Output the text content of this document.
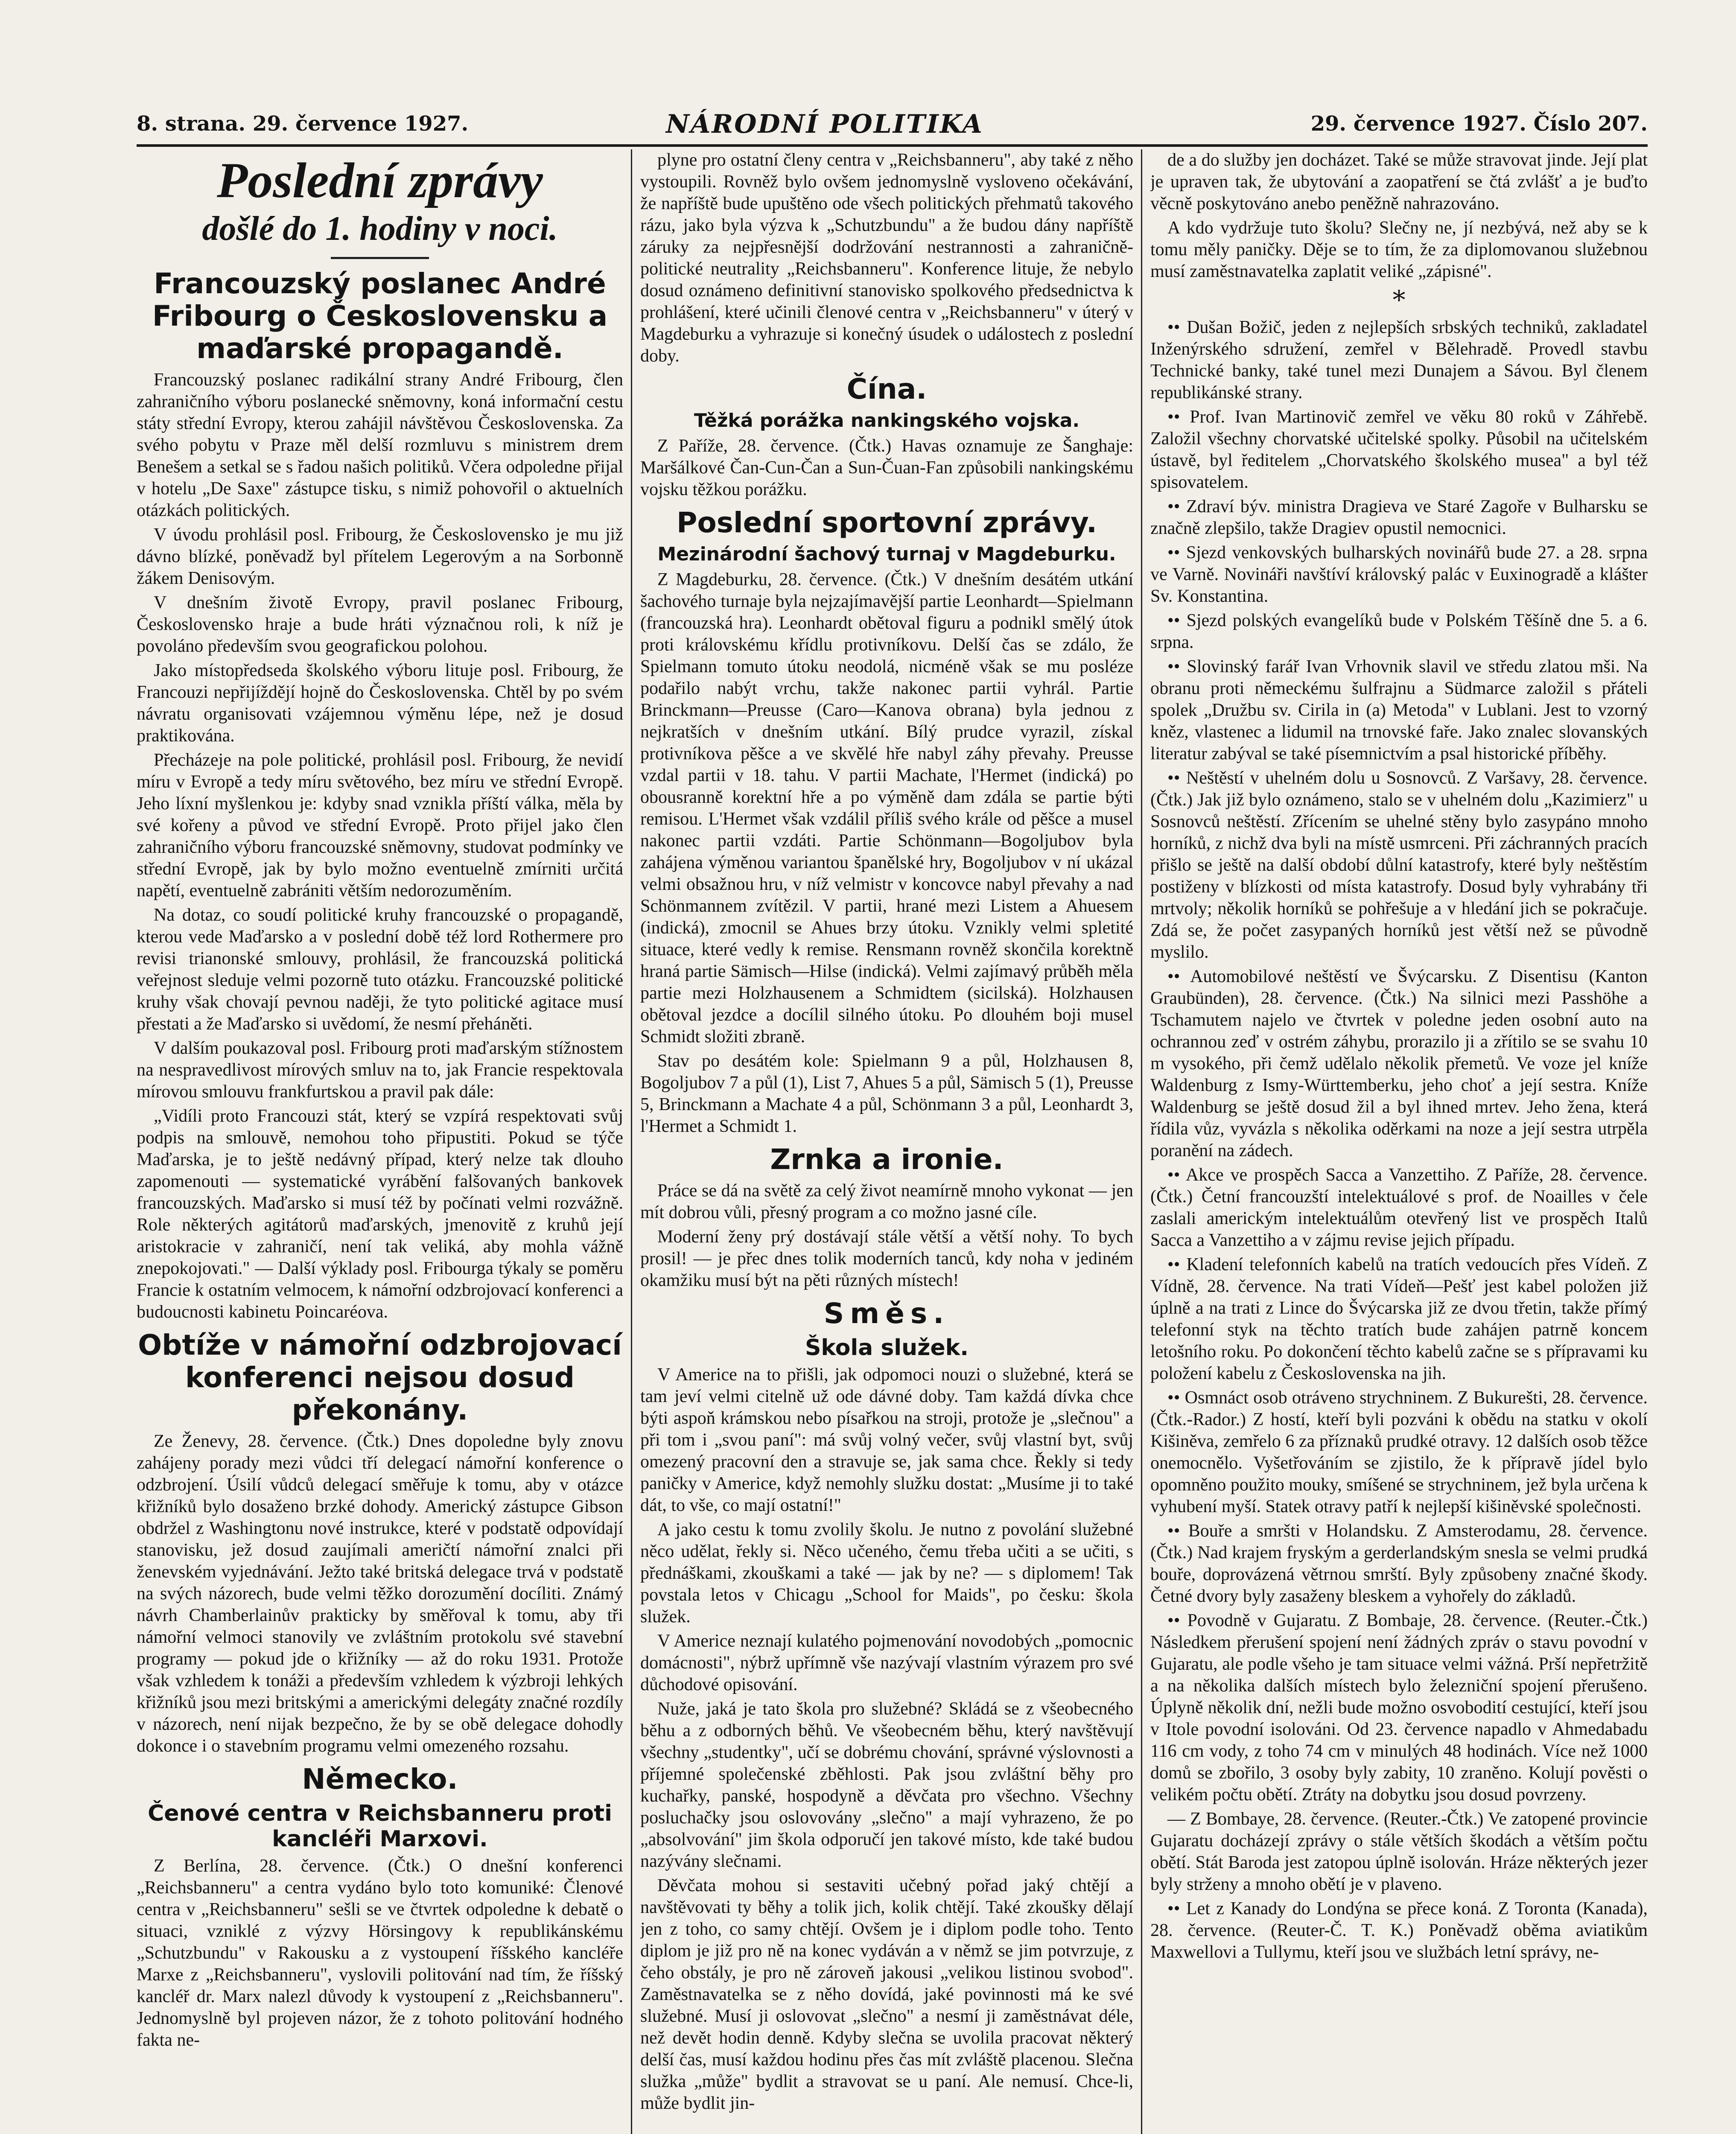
8. strana. 29. července 1927.	NÁRODNÍ POLITIKA	29. července 1927. Číslo 207.
Poslední zprávy
došlé do 1. hodiny v noci.
Francouzský poslanec André Fribourg o Československu a maďarské propagandě.

Francouzský poslanec radikální strany André Fribourg, člen zahraničního výboru poslanecké sněmovny, koná informační cestu státy střední Evropy, kterou zahájil návštěvou Československa. Za svého pobytu v Praze měl delší rozmluvu s ministrem drem Benešem a setkal se s řadou našich politiků. Včera odpoledne přijal v hotelu „De Saxe" zástupce tisku, s nimiž pohovořil o aktuelních otázkách politických.

V úvodu prohlásil posl. Fribourg, že Československo je mu již dávno blízké, poněvadž byl přítelem Legerovým a na Sorbonně žákem Denisovým.

V dnešním životě Evropy, pravil poslanec Fribourg, Československo hraje a bude hráti význačnou roli, k níž je povoláno především svou geografickou polohou.

Jako místopředseda školského výboru lituje posl. Fribourg, že Francouzi nepřijíždějí hojně do Československa. Chtěl by po svém návratu organisovati vzájemnou výměnu lépe, než je dosud praktikována.

Přecházeje na pole politické, prohlásil posl. Fribourg, že nevidí míru v Evropě a tedy míru světového, bez míru ve střední Evropě. Jeho líxní myšlenkou je: kdyby snad vznikla příští válka, měla by své kořeny a původ ve střední Evropě. Proto přijel jako člen zahraničního výboru francouzské sněmovny, studovat podmínky ve střední Evropě, jak by bylo možno eventuelně zmírniti určitá napětí, eventuelně zabrániti větším nedorozuměním.

Na dotaz, co soudí politické kruhy francouzské o propagandě, kterou vede Maďarsko a v poslední době též lord Rothermere pro revisi trianonské smlouvy, prohlásil, že francouzská politická veřejnost sleduje velmi pozorně tuto otázku. Francouzské politické kruhy však chovají pevnou naději, že tyto politické agitace musí přestati a že Maďarsko si uvědomí, že nesmí přeháněti.

V dalším poukazoval posl. Fribourg proti maďarským stížnostem na nespravedlivost mírových smluv na to, jak Francie respektovala mírovou smlouvu frankfurtskou a pravil pak dále:

„Vidíli proto Francouzi stát, který se vzpírá respektovati svůj podpis na smlouvě, nemohou toho připustiti. Pokud se týče Maďarska, je to ještě nedávný případ, který nelze tak dlouho zapomenouti — systematické vyrábění falšovaných bankovek francouzských. Maďarsko si musí též by počínati velmi rozvážně. Role některých agitátorů maďarských, jmenovitě z kruhů její aristokracie v zahraničí, není tak veliká, aby mohla vážně znepokojovati." — Další výklady posl. Fribourga týkaly se poměru Francie k ostatním velmocem, k námořní odzbrojovací konferenci a budoucnosti kabinetu Poincaréova.

Obtíže v námořní odzbrojovací konferenci nejsou dosud překonány.

Ze Ženevy, 28. července. (Čtk.) Dnes dopoledne byly znovu zahájeny porady mezi vůdci tří delegací námořní konference o odzbrojení. Úsilí vůdců delegací směřuje k tomu, aby v otázce křižníků bylo dosaženo brzké dohody. Americký zástupce Gibson obdržel z Washingtonu nové instrukce, které v podstatě odpovídají stanovisku, jež dosud zaujímali američtí námořní znalci při ženevském vyjednávání. Ježto také britská delegace trvá v podstatě na svých názorech, bude velmi těžko dorozumění docíliti. Známý návrh Chamberlainův prakticky by směřoval k tomu, aby tři námořní velmoci stanovily ve zvláštním protokolu své stavební programy — pokud jde o křižníky — až do roku 1931. Protože však vzhledem k tonáži a především vzhledem k výzbroji lehkých křižníků jsou mezi britskými a americkými delegáty značné rozdíly v názorech, není nijak bezpečno, že by se obě delegace dohodly dokonce i o stavebním programu velmi omezeného rozsahu.

Německo.
Čenové centra v Reichsbanneru proti kancléři Marxovi.

Z Berlína, 28. července. (Čtk.) O dnešní konferenci „Reichsbanneru" a centra vydáno bylo toto komuniké: Členové centra v „Reichsbanneru" sešli se ve čtvrtek odpoledne k debatě o situaci, vzniklé z výzvy Hörsingovy k republikánskému „Schutzbundu" v Rakousku a z vystoupení říšského kancléře Marxe z „Reichsbanneru", vyslovili politování nad tím, že říšský kancléř dr. Marx nalezl důvody k vystoupení z „Reichsbanneru". Jednomyslně byl projeven názor, že z tohoto politování hodného fakta ne-

plyne pro ostatní členy centra v „Reichsbanneru", aby také z něho vystoupili. Rovněž bylo ovšem jednomyslně vysloveno očekávání, že napříště bude upuštěno ode všech politických přehmatů takového rázu, jako byla výzva k „Schutzbundu" a že budou dány napříště záruky za nejpřesnější dodržování nestrannosti a zahraničně-politické neutrality „Reichsbanneru". Konference lituje, že nebylo dosud oznámeno definitivní stanovisko spolkového předsednictva k prohlášení, které učinili členové centra v „Reichsbanneru" v úterý v Magdeburku a vyhrazuje si konečný úsudek o událostech z poslední doby.

Čína.
Těžká porážka nankingského vojska.

Z Paříže, 28. července. (Čtk.) Havas oznamuje ze Šanghaje: Maršálkové Čan-Cun-Čan a Sun-Čuan-Fan způsobili nankingskému vojsku těžkou porážku.

Poslední sportovní zprávy.
Mezinárodní šachový turnaj v Magdeburku.

Z Magdeburku, 28. července. (Čtk.) V dnešním desátém utkání šachového turnaje byla nejzajímavější partie Leonhardt—Spielmann (francouzská hra). Leonhardt obětoval figuru a podnikl smělý útok proti královskému křídlu protivníkovu. Delší čas se zdálo, že Spielmann tomuto útoku neodolá, nicméně však se mu posléze podařilo nabýt vrchu, takže nakonec partii vyhrál. Partie Brinckmann—Preusse (Caro—Kanova obrana) byla jednou z nejkratších v dnešním utkání. Bílý prudce vyrazil, získal protivníkova pěšce a ve skvělé hře nabyl záhy převahy. Preusse vzdal partii v 18. tahu. V partii Machate, l'Hermet (indická) po obousranně korektní hře a po výměně dam zdála se partie býti remisou. L'Hermet však vzdálil příliš svého krále od pěšce a musel nakonec partii vzdáti. Partie Schönmann—Bogoljubov byla zahájena výměnou variantou španělské hry, Bogoljubov v ní ukázal velmi obsažnou hru, v níž velmistr v koncovce nabyl převahy a nad Schönmannem zvítězil. V partii, hrané mezi Listem a Ahuesem (indická), zmocnil se Ahues brzy útoku. Vznikly velmi spletité situace, které vedly k remise. Rensmann rovněž skončila korektně hraná partie Sämisch—Hilse (indická). Velmi zajímavý průběh měla partie mezi Holzhausenem a Schmidtem (sicilská). Holzhausen obětoval jezdce a docílil silného útoku. Po dlouhém boji musel Schmidt složiti zbraně.

Stav po desátém kole: Spielmann 9 a půl, Holzhausen 8, Bogoljubov 7 a půl (1), List 7, Ahues 5 a půl, Sämisch 5 (1), Preusse 5, Brinckmann a Machate 4 a půl, Schönmann 3 a půl, Leonhardt 3, l'Hermet a Schmidt 1.

Zrnka a ironie.

Práce se dá na světě za celý život neamírně mnoho vykonat — jen mít dobrou vůli, přesný program a co možno jasné cíle.

Moderní ženy prý dostávají stále větší a větší nohy. To bych prosil! — je přec dnes tolik moderních tanců, kdy noha v jediném okamžiku musí být na pěti různých místech!

Směs.
Škola služek.

V Americe na to přišli, jak odpomoci nouzi o služebné, která se tam jeví velmi citelně už ode dávné doby. Tam každá dívka chce býti aspoň krámskou nebo písařkou na stroji, protože je „slečnou" a při tom i „svou paní": má svůj volný večer, svůj vlastní byt, svůj omezený pracovní den a stravuje se, jak sama chce. Řekly si tedy paničky v Americe, když nemohly služku dostat: „Musíme ji to také dát, to vše, co mají ostatní!"

A jako cestu k tomu zvolily školu. Je nutno z povolání služebné něco udělat, řekly si. Něco učeného, čemu třeba učiti a se učiti, s přednáškami, zkouškami a také — jak by ne? — s diplomem! Tak povstala letos v Chicagu „School for Maids", po česku: škola služek.

V Americe neznají kulatého pojmenování novodobých „pomocnic domácnosti", nýbrž upřímně vše nazývají vlastním výrazem pro své důchodové opisování.

Nuže, jaká je tato škola pro služebné? Skládá se z všeobecného běhu a z odborných běhů. Ve všeobecném běhu, který navštěvují všechny „studentky", učí se dobrému chování, správné výslovnosti a příjemné společenské zběhlosti. Pak jsou zvláštní běhy pro kuchařky, panské, hospodyně a děvčata pro všechno. Všechny posluchačky jsou oslovovány „slečno" a mají vyhrazeno, že po „absolvování" jim škola odporučí jen takové místo, kde také budou nazývány slečnami.

Děvčata mohou si sestaviti učebný pořad jaký chtějí a navštěvovati ty běhy a tolik jich, kolik chtějí. Také zkoušky dělají jen z toho, co samy chtějí. Ovšem je i diplom podle toho. Tento diplom je již pro ně na konec vydáván a v němž se jim potvrzuje, z čeho obstály, je pro ně zároveň jakousi „velikou listinou svobod". Zaměstnavatelka se z něho dovídá, jaké povinnosti má ke své služebné. Musí ji oslovovat „slečno" a nesmí ji zaměstnávat déle, než devět hodin denně. Kdyby slečna se uvolila pracovat některý delší čas, musí každou hodinu přes čas mít zvláště placenou. Slečna služka „může" bydlit a stravovat se u paní. Ale nemusí. Chce-li, může bydlit jin-

de a do služby jen docházet. Také se může stravovat jinde. Její plat je upraven tak, že ubytování a zaopatření se čtá zvlášť a je buďto věcně poskytováno anebo peněžně nahrazováno.

A kdo vydržuje tuto školu? Slečny ne, jí nezbývá, než aby se k tomu měly paničky. Děje se to tím, že za diplomovanou služebnou musí zaměstnavatelka zaplatit veliké „zápisné".

*

•• Dušan Božič, jeden z nejlepších srbských techniků, zakladatel Inženýrského sdružení, zemřel v Bělehradě. Provedl stavbu Technické banky, také tunel mezi Dunajem a Sávou. Byl členem republikánské strany.

•• Prof. Ivan Martinovič zemřel ve věku 80 roků v Záhřebě. Založil všechny chorvatské učitelské spolky. Působil na učitelském ústavě, byl ředitelem „Chorvatského školského musea" a byl též spisovatelem.

•• Zdraví býv. ministra Dragieva ve Staré Zagoře v Bulharsku se značně zlepšilo, takže Dragiev opustil nemocnici.

•• Sjezd venkovských bulharských novinářů bude 27. a 28. srpna ve Varně. Novináři navštíví královský palác v Euxinogradě a klášter Sv. Konstantina.

•• Sjezd polských evangelíků bude v Polském Těšíně dne 5. a 6. srpna.

•• Slovinský farář Ivan Vrhovnik slavil ve středu zlatou mši. Na obranu proti německému šulfrajnu a Südmarce založil s přáteli spolek „Družbu sv. Cirila in (a) Metoda" v Lublani. Jest to vzorný kněz, vlastenec a lidumil na trnovské faře. Jako znalec slovanských literatur zabýval se také písemnictvím a psal historické příběhy.

•• Neštěstí v uhelném dolu u Sosnovců. Z Varšavy, 28. července. (Čtk.) Jak již bylo oznámeno, stalo se v uhelném dolu „Kazimierz" u Sosnovců neštěstí. Zřícením se uhelné stěny bylo zasypáno mnoho horníků, z nichž dva byli na místě usmrceni. Při záchranných pracích přišlo se ještě na další období důlní katastrofy, které byly neštěstím postiženy v blízkosti od místa katastrofy. Dosud byly vyhrabány tři mrtvoly; několik horníků se pohřešuje a v hledání jich se pokračuje. Zdá se, že počet zasypaných horníků jest větší než se původně myslilo.

•• Automobilové neštěstí ve Švýcarsku. Z Disentisu (Kanton Graubünden), 28. července. (Čtk.) Na silnici mezi Passhöhe a Tschamutem najelo ve čtvrtek v poledne jeden osobní auto na ochrannou zeď v ostrém záhybu, prorazilo ji a zřítilo se se svahu 10 m vysokého, při čemž udělalo několik přemetů. Ve voze jel kníže Waldenburg z Ismy-Württemberku, jeho choť a její sestra. Kníže Waldenburg se ještě dosud žil a byl ihned mrtev. Jeho žena, která řídila vůz, vyvázla s několika oděrkami na noze a její sestra utrpěla poranění na zádech.

•• Akce ve prospěch Sacca a Vanzettiho. Z Paříže, 28. července. (Čtk.) Četní francouzští intelektuálové s prof. de Noailles v čele zaslali americkým intelektuálům otevřený list ve prospěch Italů Sacca a Vanzettiho a v zájmu revise jejich případu.

•• Kladení telefonních kabelů na tratích vedoucích přes Vídeň. Z Vídně, 28. července. Na trati Vídeň—Pešť jest kabel položen již úplně a na trati z Lince do Švýcarska již ze dvou třetin, takže přímý telefonní styk na těchto tratích bude zahájen patrně koncem letošního roku. Po dokončení těchto kabelů začne se s přípravami ku položení kabelu z Československa na jih.

•• Osmnáct osob otráveno strychninem. Z Bukurešti, 28. července. (Čtk.-Rador.) Z hostí, kteří byli pozváni k obědu na statku v okolí Kišiněva, zemřelo 6 za příznaků prudké otravy. 12 dalších osob těžce onemocnělo. Vyšetřováním se zjistilo, že k přípravě jídel bylo opomněno použito mouky, smíšené se strychninem, jež byla určena k vyhubení myší. Statek otravy patří k nejlepší kišiněvské společnosti.

•• Bouře a smršti v Holandsku. Z Amsterodamu, 28. července. (Čtk.) Nad krajem fryským a gerderlandským snesla se velmi prudká bouře, doprovázená větrnou smrští. Byly způsobeny značné škody. Četné dvory byly zasaženy bleskem a vyhořely do základů.

•• Povodně v Gujaratu. Z Bombaje, 28. července. (Reuter.-Čtk.) Následkem přerušení spojení není žádných zpráv o stavu povodní v Gujaratu, ale podle všeho je tam situace velmi vážná. Prší nepřetržitě a na několika dalších místech bylo železniční spojení přerušeno. Úplyně několik dní, nežli bude možno osvobodití cestující, kteří jsou v Itole povodní isolováni. Od 23. července napadlo v Ahmedabadu 116 cm vody, z toho 74 cm v minulých 48 hodinách. Více než 1000 domů se zbořilo, 3 osoby byly zabity, 10 zraněno. Kolují pověsti o velikém počtu obětí. Ztráty na dobytku jsou dosud povrzeny.

— Z Bombaye, 28. července. (Reuter.-Čtk.) Ve zatopené provincie Gujaratu docházejí zprávy o stále větších škodách a větším počtu obětí. Stát Baroda jest zatopou úplně isolován. Hráze některých jezer byly strženy a mnoho obětí je v plaveno.

•• Let z Kanady do Londýna se přece koná. Z Toronta (Kanada), 28. července. (Reuter-Č. T. K.) Poněvadž oběma aviatikům Maxwellovi a Tullymu, kteří jsou ve službách letní správy, ne-
